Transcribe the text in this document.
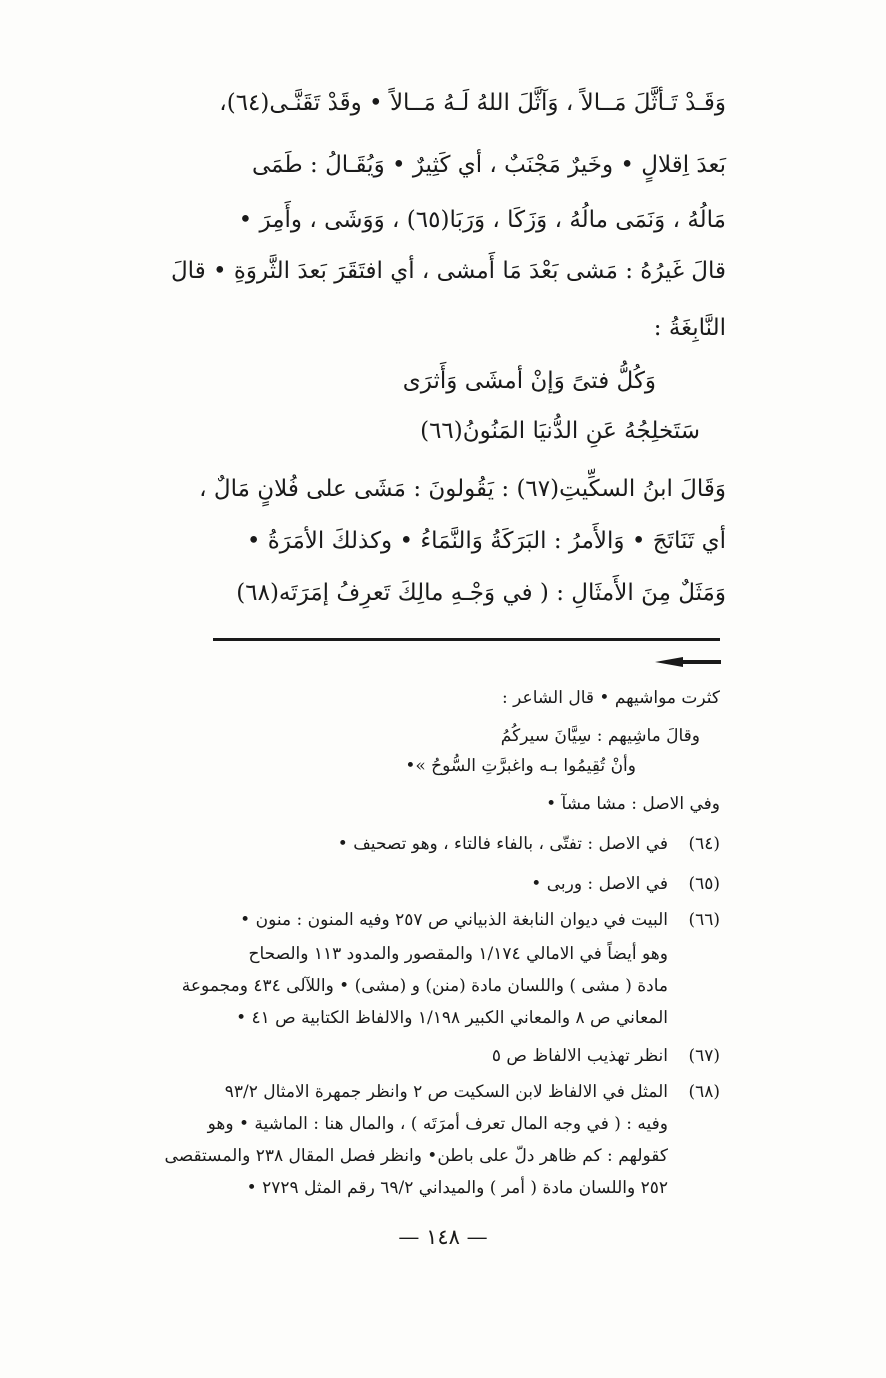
وَقَـدْ تَـأثَّلَ مَــالاً ، وَآثَّلَ اللهُ لَـهُ مَــالاً • وقَدْ تَقَنَّـى(٦٤)،
بَعدَ اِقلالٍ • وخَيرٌ مَجْنَبٌ ، أي كَثِيرٌ • وَيُقَـالُ : طَمَى
مَالُهُ ، وَنَمَى مالُهُ ، وَزَكَا ، وَرَبَا(٦٥) ، وَوَشَى ، وأَمِرَ •
قالَ غَيرُهُ : مَشى بَعْدَ مَا أَمشى ، أي افتَقَرَ بَعدَ الثَّروَةِ • قالَ
النَّابِغَةُ :
وَكُلُّ فتىً وَإنْ أمشَى وَأَثرَى
سَتَخلِجُهُ عَنِ الدُّنيَا المَنُونُ(٦٦)
وَقَالَ ابنُ السكِّيتِ(٦٧) : يَقُولونَ : مَشَى على فُلانٍ مَالٌ ،
أي تَنَاتَجَ • وَالأَمرُ : البَرَكَةُ وَالنَّمَاءُ • وكذلكَ الأمَرَةُ •
وَمَثَلٌ مِنَ الأَمثَالِ : ( في وَجْـهِ مالِكَ تَعرِفُ إمَرَتَه(٦٨)
كثرت مواشيهم • قال الشاعر :
وقالَ ماشِيهم : سِيَّانَ سيركُمُ
وأنْ تُقِيمُوا بـه واغبرَّتِ السُّوحُ »•
وفي الاصل : مشا مشآ •
(٦٤)
في الاصل : تفتّى ، بالفاء فالتاء ، وهو تصحيف •
(٦٥)
في الاصل : وربى •
(٦٦)
البيت في ديوان النابغة الذبياني ص ٢٥٧ وفيه المنون : منون •
وهو أيضاً في الامالي ١/١٧٤ والمقصور والمدود ١١٣ والصحاح
مادة ( مشى ) واللسان مادة (منن) و (مشى) • واللآلى ٤٣٤ ومجموعة
المعاني ص ٨ والمعاني الكبير ١/١٩٨ والالفاظ الكتابية ص ٤١ •
(٦٧)
انظر تهذيب الالفاظ ص ٥
(٦٨)
المثل في الالفاظ لابن السكيت ص ٢ وانظر جمهرة الامثال ٩٣/٢
وفيه : ( في وجه المال تعرف أمرَتَه ) ، والمال هنا : الماشية • وهو
كقولهم : كم ظاهر دلّ على باطن• وانظر فصل المقال ٢٣٨ والمستقصى
٢٥٢ واللسان مادة ( أمر ) والميداني ٦٩/٢ رقم المثل ٢٧٢٩ •
— ١٤٨ —
